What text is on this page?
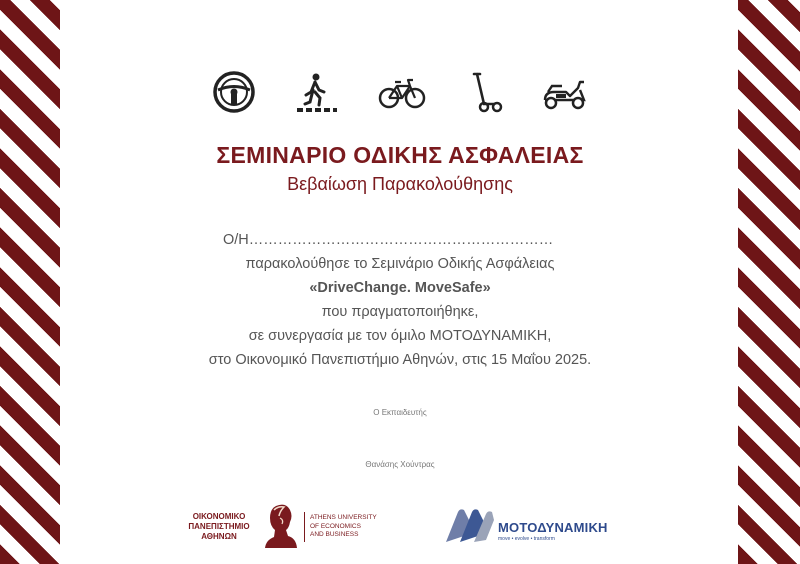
ΣΕΜΙΝΑΡΙΟ ΟΔΙΚΗΣ ΑΣΦΑΛΕΙΑΣ
Βεβαίωση Παρακολούθησης
Ο/Η………………………………………………………
παρακολούθησε το Σεμινάριο Οδικής Ασφάλειας
«DriveChange. MoveSafe»
που πραγματοποιήθηκε,
σε συνεργασία με τον όμιλο ΜΟΤΟΔΥΝΑΜΙΚΗ,
στο Οικονομικό Πανεπιστήμιο Αθηνών, στις 15 Μαΐου 2025.
Ο Εκπαιδευτής
Θανάσης Χούντρας
ΟΙΚΟΝΟΜΙΚΟ
ΠΑΝΕΠΙΣΤΗΜΙΟ
ΑΘΗΝΩΝ
ATHENS UNIVERSITY
OF ECONOMICS
AND BUSINESS	ΜΟΤΟΔΥΝΑΜΙΚΗ
move • evolve • transform
